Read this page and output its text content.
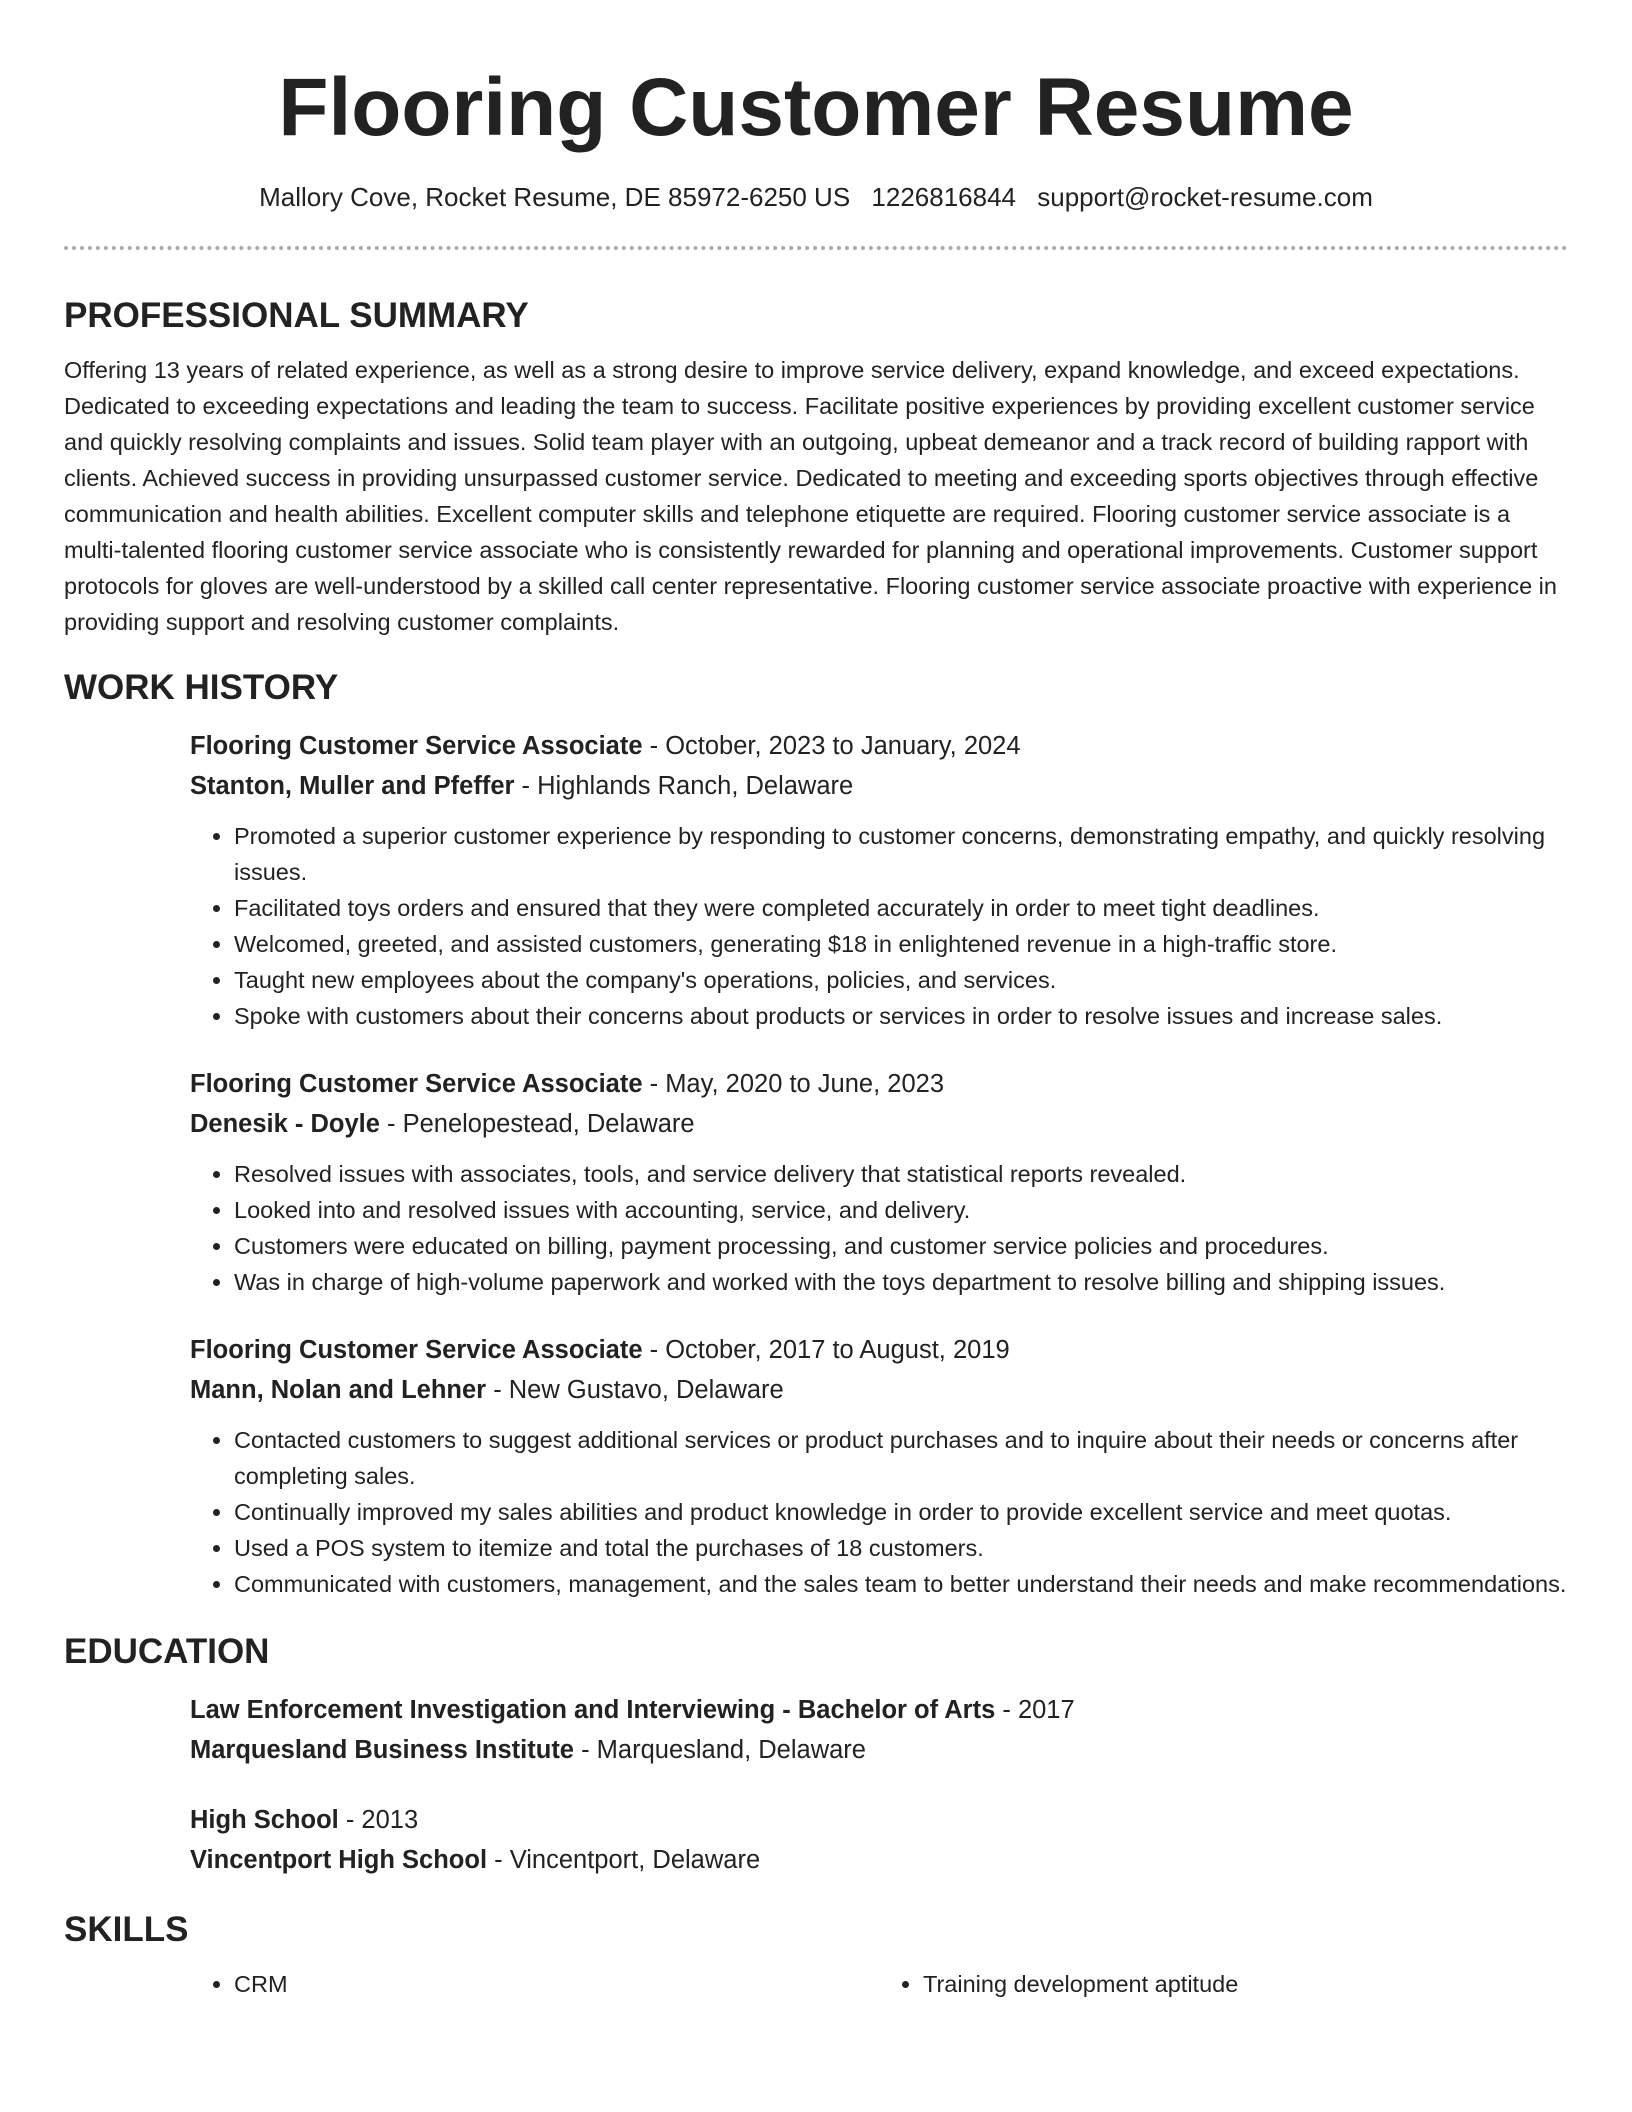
Flooring Customer Resume
Mallory Cove, Rocket Resume, DE 85972-6250 US 1226816844 support@rocket-resume.com
PROFESSIONAL SUMMARY

Offering 13 years of related experience, as well as a strong desire to improve service delivery, expand knowledge, and exceed expectations. Dedicated to exceeding expectations and leading the team to success. Facilitate positive experiences by providing excellent customer service and quickly resolving complaints and issues. Solid team player with an outgoing, upbeat demeanor and a track record of building rapport with clients. Achieved success in providing unsurpassed customer service. Dedicated to meeting and exceeding sports objectives through effective communication and health abilities. Excellent computer skills and telephone etiquette are required. Flooring customer service associate is a multi-talented flooring customer service associate who is consistently rewarded for planning and operational improvements. Customer support protocols for gloves are well-understood by a skilled call center representative. Flooring customer service associate proactive with experience in providing support and resolving customer complaints.

WORK HISTORY

Flooring Customer Service Associate - October, 2023 to January, 2024

Stanton, Muller and Pfeffer - Highlands Ranch, Delaware

• Promoted a superior customer experience by responding to customer concerns, demonstrating empathy, and quickly resolving issues.
• Facilitated toys orders and ensured that they were completed accurately in order to meet tight deadlines.
• Welcomed, greeted, and assisted customers, generating $18 in enlightened revenue in a high-traffic store.
• Taught new employees about the company's operations, policies, and services.
• Spoke with customers about their concerns about products or services in order to resolve issues and increase sales.

Flooring Customer Service Associate - May, 2020 to June, 2023

Denesik - Doyle - Penelopestead, Delaware

• Resolved issues with associates, tools, and service delivery that statistical reports revealed.
• Looked into and resolved issues with accounting, service, and delivery.
• Customers were educated on billing, payment processing, and customer service policies and procedures.
• Was in charge of high-volume paperwork and worked with the toys department to resolve billing and shipping issues.

Flooring Customer Service Associate - October, 2017 to August, 2019

Mann, Nolan and Lehner - New Gustavo, Delaware

• Contacted customers to suggest additional services or product purchases and to inquire about their needs or concerns after completing sales.
• Continually improved my sales abilities and product knowledge in order to provide excellent service and meet quotas.
• Used a POS system to itemize and total the purchases of 18 customers.
• Communicated with customers, management, and the sales team to better understand their needs and make recommendations.
EDUCATION

Law Enforcement Investigation and Interviewing - Bachelor of Arts - 2017

Marquesland Business Institute - Marquesland, Delaware

High School - 2013

Vincentport High School - Vincentport, Delaware

SKILLS
• CRM
•	Training development aptitude
